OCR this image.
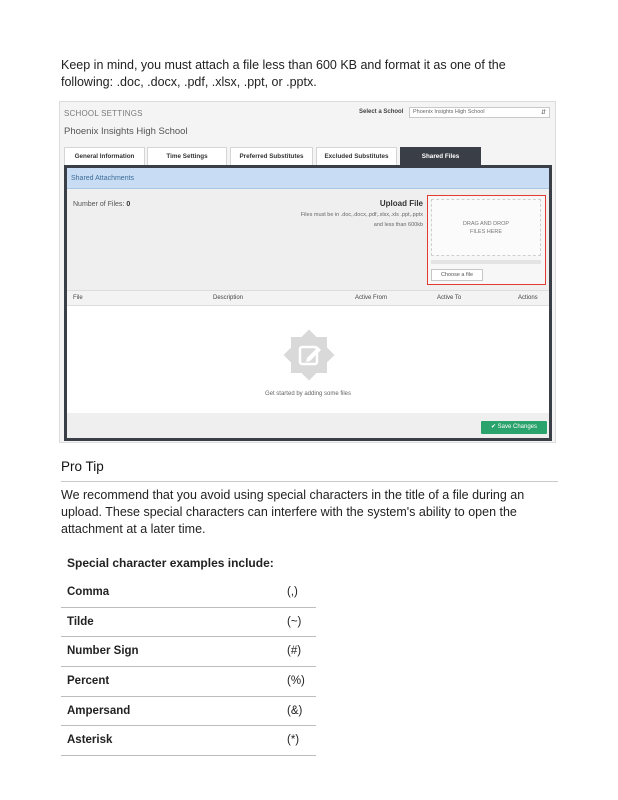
Keep in mind, you must attach a file less than 600 KB and format it as one of the following: .doc, .docx, .pdf, .xlsx, .ppt, or .pptx.
SCHOOL SETTINGS
Phoenix Insights High School
Select a School	Phoenix Insights High School	⇵
General Information	Time Settings	Preferred Substitutes	Excluded Substitutes	Shared Files
Shared Attachments
Number of Files: 0	Upload File
Files must be in .doc,.docx,.pdf,.xlsx,.xls .ppt,.pptx and less than 600kb	DRAG AND DROP
FILES HERE
Choose a file
File	Description	Active From	Active To	Actions
Get started by adding some files
✔ Save Changes
Pro Tip
We recommend that you avoid using special characters in the title of a file during an upload. These special characters can interfere with the system's ability to open the attachment at a later time.
Special character examples include:
Comma	(,)
Tilde	(~)
Number Sign	(#)
Percent	(%)
Ampersand	(&)
Asterisk	(*)
